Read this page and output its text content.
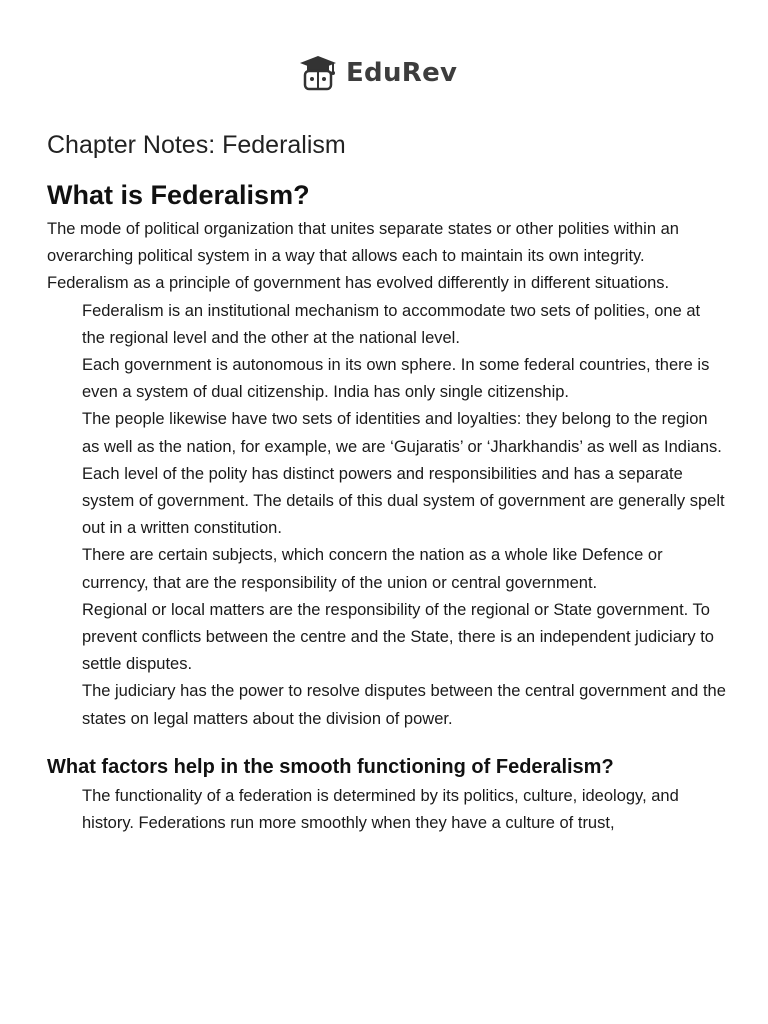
EduRev
Chapter Notes: Federalism
What is Federalism?

The mode of political organization that unites separate states or other polities within an overarching political system in a way that allows each to maintain its own integrity.

Federalism as a principle of government has evolved differently in different situations.

Federalism is an institutional mechanism to accommodate two sets of polities, one at the regional level and the other at the national level.

Each government is autonomous in its own sphere. In some federal countries, there is even a system of dual citizenship. India has only single citizenship.

The people likewise have two sets of identities and loyalties: they belong to the region as well as the nation, for example, we are ‘Gujaratis’ or ‘Jharkhandis’ as well as Indians.

Each level of the polity has distinct powers and responsibilities and has a separate system of government. The details of this dual system of government are generally spelt out in a written constitution.

There are certain subjects, which concern the nation as a whole like Defence or currency, that are the responsibility of the union or central government.

Regional or local matters are the responsibility of the regional or State government. To prevent conflicts between the centre and the State, there is an independent judiciary to settle disputes.

The judiciary has the power to resolve disputes between the central government and the states on legal matters about the division of power.

What factors help in the smooth functioning of Federalism?

The functionality of a federation is determined by its politics, culture, ideology, and history. Federations run more smoothly when they have a culture of trust,
